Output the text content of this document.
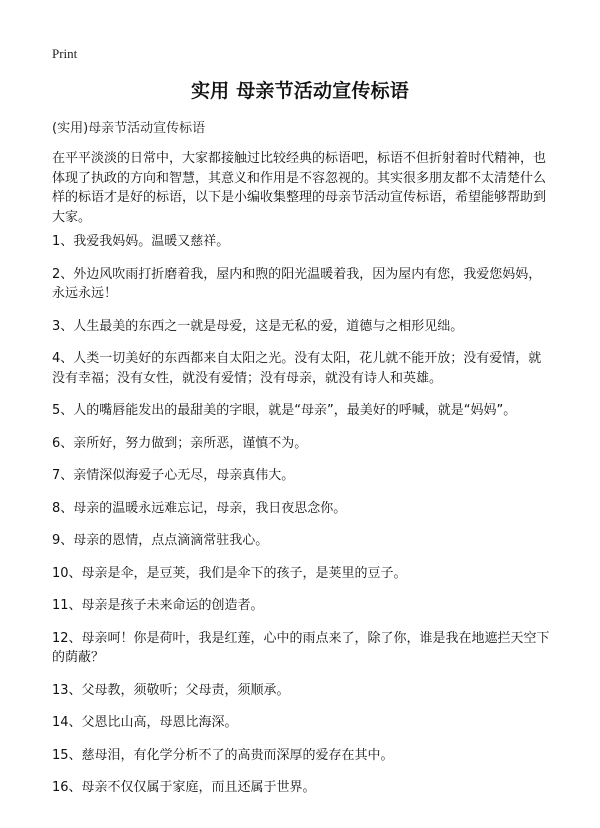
Print
实用 母亲节活动宣传标语
(实用)母亲节活动宣传标语
在平平淡淡的日常中，大家都接触过比较经典的标语吧，标语不但折射着时代精神，也体现了执政的方向和智慧，其意义和作用是不容忽视的。其实很多朋友都不太清楚什么样的标语才是好的标语，以下是小编收集整理的母亲节活动宣传标语，希望能够帮助到大家。
1、我爱我妈妈。温暖又慈祥。
2、外边风吹雨打折磨着我，屋内和煦的阳光温暖着我，因为屋内有您，我爱您妈妈，永远永远！
3、人生最美的东西之一就是母爱，这是无私的爱，道德与之相形见绌。
4、人类一切美好的东西都来自太阳之光。没有太阳，花儿就不能开放；没有爱情，就没有幸福；没有女性，就没有爱情；没有母亲，就没有诗人和英雄。
5、人的嘴唇能发出的最甜美的字眼，就是“母亲”，最美好的呼喊，就是“妈妈”。
6、亲所好，努力做到；亲所恶，谨慎不为。
7、亲情深似海爱子心无尽，母亲真伟大。
8、母亲的温暖永远难忘记，母亲，我日夜思念你。
9、母亲的恩情，点点滴滴常驻我心。
10、母亲是伞，是豆荚，我们是伞下的孩子，是荚里的豆子。
11、母亲是孩子未来命运的创造者。
12、母亲呵！你是荷叶，我是红莲，心中的雨点来了，除了你，谁是我在地遮拦天空下的荫蔽？
13、父母教，须敬听；父母责，须顺承。
14、父恩比山高，母恩比海深。
15、慈母泪，有化学分析不了的高贵而深厚的爱存在其中。
16、母亲不仅仅属于家庭，而且还属于世界。
